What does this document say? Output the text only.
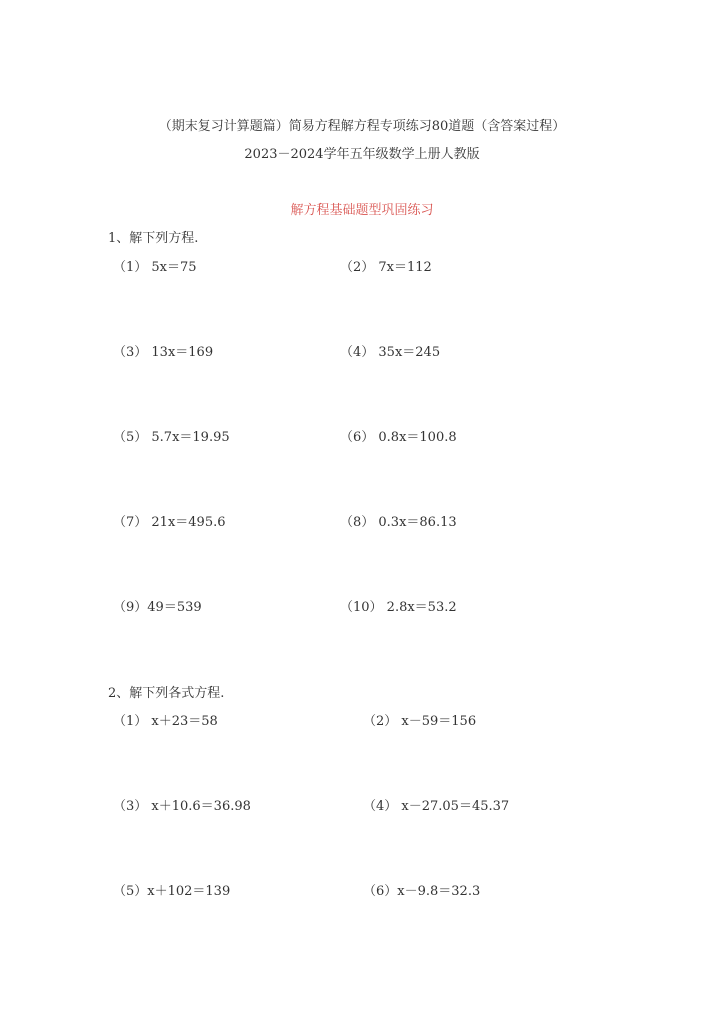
（期末复习计算题篇）简易方程解方程专项练习80道题（含答案过程）
2023－2024学年五年级数学上册人教版
解方程基础题型巩固练习
1、解下列方程.
（1） 5x＝75	（2） 7x＝112
（3） 13x＝169	（4） 35x＝245
（5） 5.7x＝19.95	（6） 0.8x＝100.8
（7） 21x＝495.6	（8） 0.3x＝86.13
（9）49＝539	（10） 2.8x＝53.2
2、解下列各式方程.
（1） x＋23＝58	（2） x－59＝156
（3） x＋10.6＝36.98	（4） x－27.05＝45.37
（5）x＋102＝139	（6）x－9.8＝32.3
